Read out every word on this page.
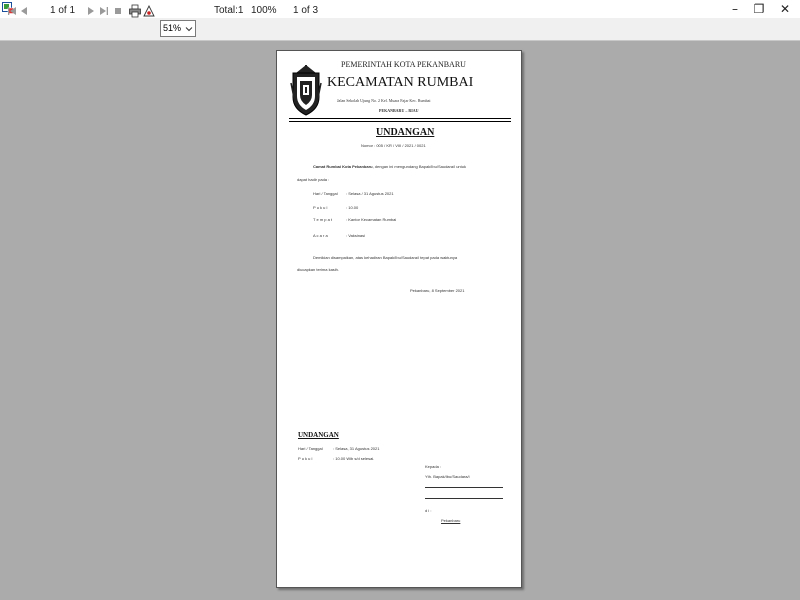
–	❐	✕
1 of 1
51%
Total:1 100% 1 of 3
PEMERINTAH KOTA PEKANBARU
KECAMATAN RUMBAI
Jalan Sekolah Ujung No. 2 Kel. Muara Fajar Kec. Rumbai
PEKANBARU – RIAU
UNDANGAN
Nomor : 005 / KR / VIII / 2021 / 0021
Camat Rumbai Kota Pekanbaru, dengan ini mengundang Bapak/Ibu/Saudara/i untuk
dapat hadir pada :
Hari / Tanggal : Selasa / 31 Agustus 2021
P u k u l	: 10.00
T e m p a t	: Kantor Kecamatan Rumbai
A c a r a	: Vaksinasi
Demikian disampaikan, atas kehadiran Bapak/Ibu/Saudara/i tepat pada waktunya
diucapkan terima kasih.
Pekanbaru, 8 September 2021
UNDANGAN
Hari / Tanggal	: Selasa, 31 Agustus 2021
P u k u l	: 10.00 Wib s/d selesai.
Kepada :
Yth. Bapak/Ibu/Saudara/i
d i :
Pekanbaru
